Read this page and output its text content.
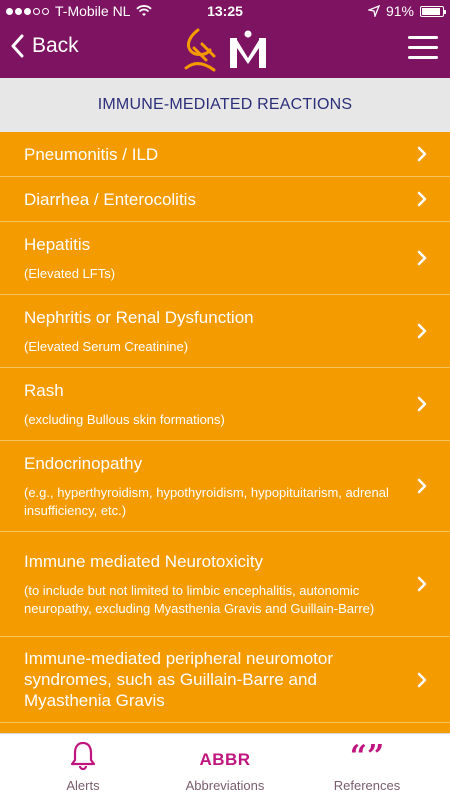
T-Mobile NL	13:25	91%
Back
IMMUNE-MEDIATED REACTIONS
Pneumonitis / ILD
Diarrhea / Enterocolitis
Hepatitis
(Elevated LFTs)
Nephritis or Renal Dysfunction
(Elevated Serum Creatinine)
Rash
(excluding Bullous skin formations)
Endocrinopathy
(e.g., hyperthyroidism, hypothyroidism, hypopituitarism, adrenal insufficiency, etc.)
Immune mediated Neurotoxicity
(to include but not limited to limbic encephalitis, autonomic neuropathy, excluding Myasthenia Gravis and Guillain-Barre)
Immune-mediated peripheral neuromotor syndromes, such as Guillain-Barre and Myasthenia Gravis
Alerts
ABBR
Abbreviations
“”
References
